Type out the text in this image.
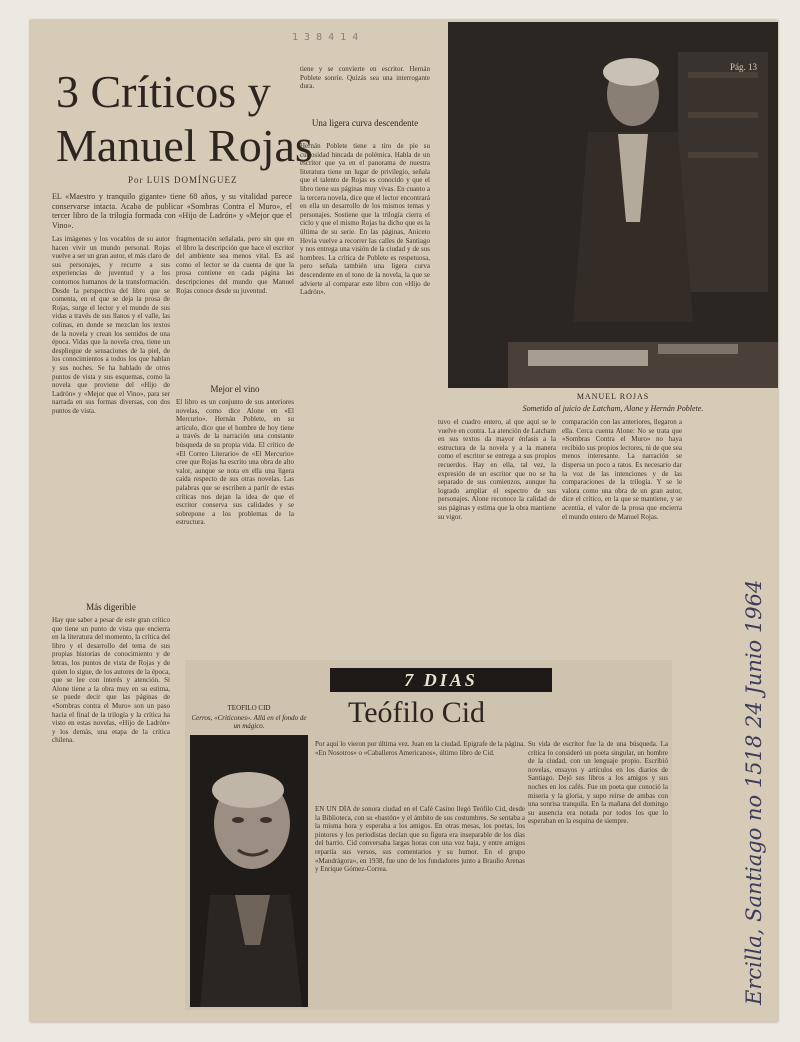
1 3 8 4 1 4
3 Críticos y
Manuel Rojas
Por LUIS DOMÍNGUEZ
EL «Maestro y tranquilo gigante» tiene 68 años, y su vitalidad parece conservarse intacta. Acaba de publicar «Sombras Contra el Muro», el tercer libro de la trilogía formada con «Hijo de Ladrón» y «Mejor que el Vino».
Las imágenes y los vocablos de su autor hacen vivir un mundo personal. Rojas vuelve a ser un gran autor, el más claro de sus personajes, y recurre a sus experiencias de juventud y a los contornos humanos de la transformación. Desde la perspectiva del libro que se comenta, en el que se deja la prosa de Rojas, surge el lector y el mundo de sus vidas a través de sus llanos y el valle, las colinas, en donde se mezclan los textos de la novela y crean los sentidos de una época. Vidas que la novela crea, tiene un despliegue de sensaciones de la piel, de los conocimientos a todos los que hablan y sus noches. Se ha hablado de otros puntos de vista y sus esquemas, como la novela que proviene del «Hijo de Ladrón» y «Mejor que el Vino», para ser narrada en sus formas diversas, con dos puntos de vista.
Más digerible
Hay que saber a pesar de este gran crítico que tiene un punto de vista que encierra en la literatura del momento, la crítica del libro y el desarrollo del tema de sus propias historias de conocimiento y de letras, los puntos de vista de Rojas y de quien lo sigue, de los autores de la época, que se lee con interés y atención. Si Alone tiene a la obra muy en su estima, se puede decir que las páginas de «Sombras contra el Muro» son un paso hacia el final de la trilogía y la crítica ha visto en estas novelas, «Hijo de Ladrón» y los demás, una etapa de la crítica chilena.
fragmentación señalada, pero sin que en el libro la descripción que hace el escritor del ambiente sea menos vital. Es así como el lector se da cuenta de que la prosa contiene en cada página las descripciones del mundo que Manuel Rojas conoce desde su juventud.
Mejor el vino
El libro es un conjunto de sus anteriores novelas, como dice Alone en «El Mercurio». Hernán Poblete, en su artículo, dice que el hombre de hoy tiene a través de la narración una constante búsqueda de su propia vida. El crítico de «El Correo Literario» de «El Mercurio» cree que Rojas ha escrito una obra de alto valor, aunque se nota en ella una ligera caída respecto de sus otras novelas. Las palabras que se escriben a partir de estas críticas nos dejan la idea de que el escritor conserva sus calidades y se sobrepone a los problemas de la estructura.
tiene y se convierte en escritor. Hernán Poblete sonríe. Quizás sea una interrogante dura.
Una ligera curva descendente
Hernán Poblete tiene a tiro de pie su curiosidad hincada de polémica. Habla de un escritor que ya en el panorama de nuestra literatura tiene un lugar de privilegio, señala que el talento de Rojas es conocido y que el libro tiene sus páginas muy vivas. En cuanto a la tercera novela, dice que el lector encontrará en ella un desarrollo de los mismos temas y personajes. Sostiene que la trilogía cierra el ciclo y que el mismo Rojas ha dicho que es la última de su serie. En las páginas, Aniceto Hevia vuelve a recorrer las calles de Santiago y nos entrega una visión de la ciudad y de sus hombres. La crítica de Poblete es respetuosa, pero señala también una ligera curva descendente en el tono de la novela, la que se advierte al comparar este libro con «Hijo de Ladrón».
Pág. 13
MANUEL ROJAS
Sometido al juicio de Latcham, Alone y Hernán Poblete.
tuvo el cuadro entero, al que aquí se le vuelve en contra. La atención de Latcham en sus textos da mayor énfasis a la estructura de la novela y a la manera como el escritor se entrega a sus propios recuerdos. Hay en ella, tal vez, la expresión de un escritor que no se ha separado de sus comienzos, aunque ha logrado ampliar el espectro de sus personajes. Alone reconoce la calidad de sus páginas y estima que la obra mantiene su vigor.
comparación con las anteriores, llegaron a ella. Cerca cuenta Alone: No se trata que «Sombras Contra el Muro» no haya recibido sus propios lectores, ni de que sea menos interesante. La narración se dispersa un poco a ratos. Es necesario dar la voz de las intenciones y de las comparaciones de la trilogía. Y se le valora como una obra de un gran autor, dice el crítico, en la que se mantiene, y se acentúa, el valor de la prosa que encierra el mundo entero de Manuel Rojas.
7 DIAS
TEOFILO CID
Cerros, «Criticones». Allá en el fondo de un mágico.	Teófilo Cid
Por aquí lo vieron por última vez. Juan en la ciudad. Epigrafe de la página. «En Nosotros» o «Caballeros Americanos», último libro de Cid.
EN UN DÍA de sonora ciudad en el Café Casino llegó Teófilo Cid, desde la Biblioteca, con su «bastón» y el ámbito de sus costumbres. Se sentaba a la misma hora y esperaba a los amigos. En otras mesas, los poetas, los pintores y los periodistas decían que su figura era inseparable de los días del barrio. Cid conversaba largas horas con una voz baja, y entre amigos repartía sus versos, sus comentarios y su humor. En el grupo «Mandrágora», en 1938, fue uno de los fundadores junto a Braulio Arenas y Enrique Gómez-Correa.
Su vida de escritor fue la de una búsqueda. La crítica lo consideró un poeta singular, un hombre de la ciudad, con un lenguaje propio. Escribió novelas, ensayos y artículos en los diarios de Santiago. Dejó sus libros a los amigos y sus noches en los cafés. Fue un poeta que conoció la miseria y la gloria, y supo reírse de ambas con una sonrisa tranquila. En la mañana del domingo su ausencia era notada por todos los que lo esperaban en la esquina de siempre.	Ercilla, Santiago no 1518 24 Junio 1964
